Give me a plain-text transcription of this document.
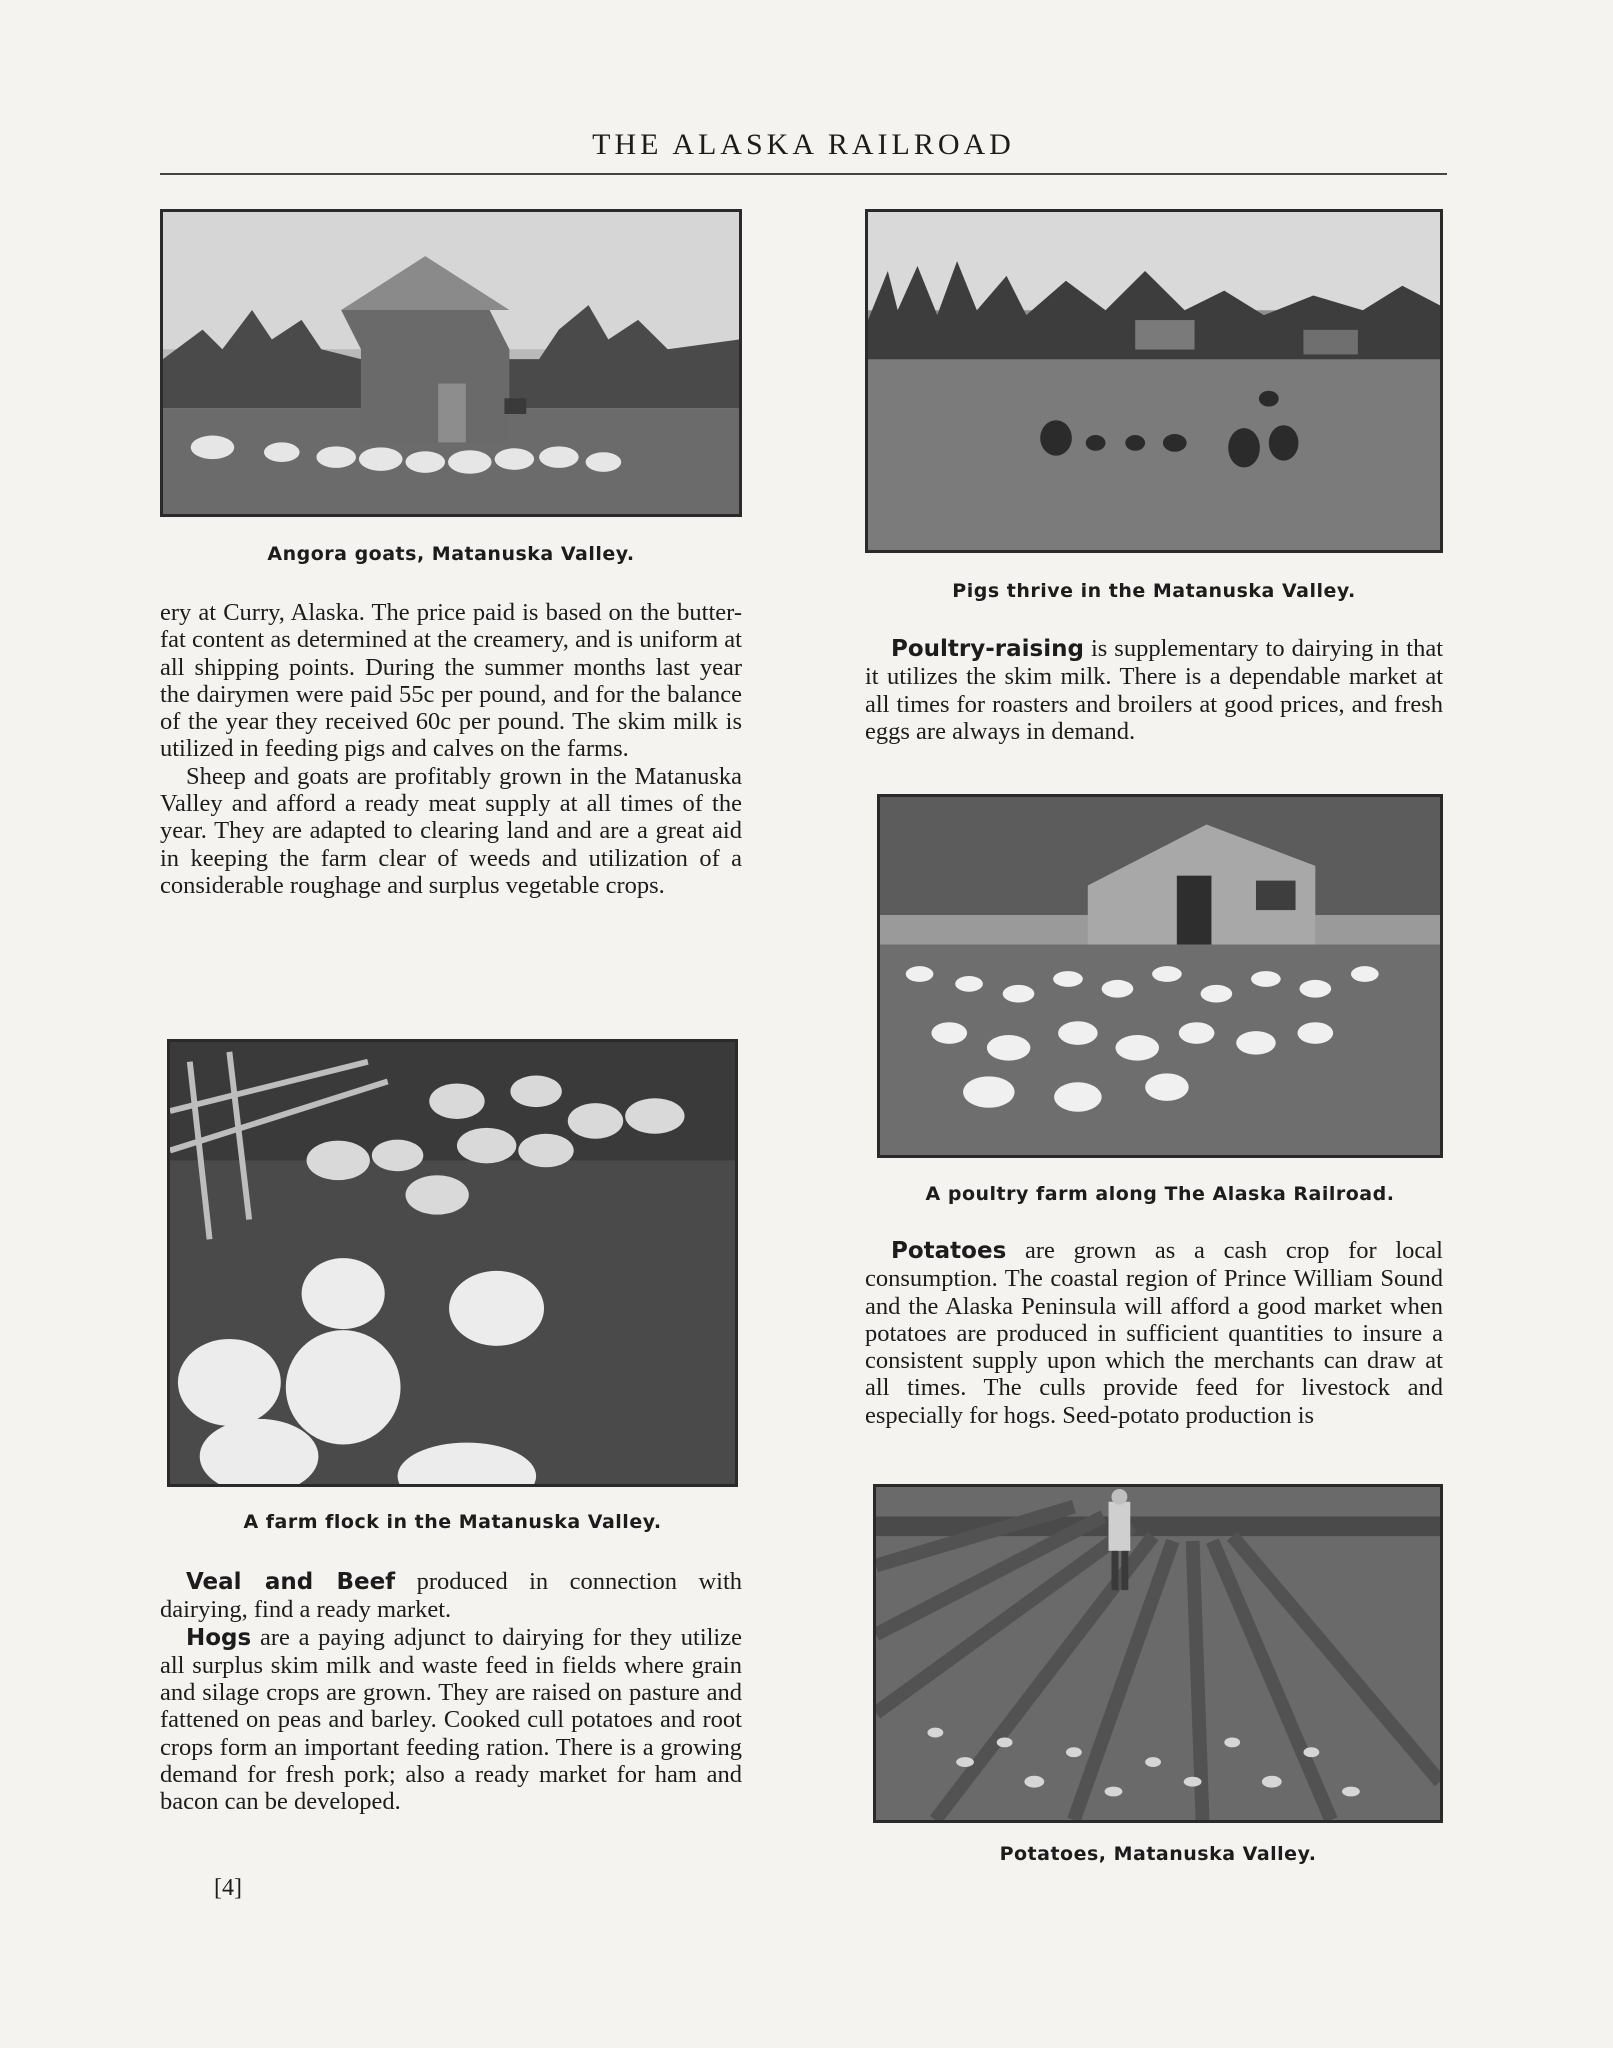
THE ALASKA RAILROAD
Angora goats, Matanuska Valley.
Pigs thrive in the Matanuska Valley.
A poultry farm along The Alaska Railroad.
A farm flock in the Matanuska Valley.
Potatoes, Matanuska Valley.

ery at Curry, Alaska. The price paid is based on the butter-fat content as determined at the creamery, and is uniform at all shipping points. During the summer months last year the dairymen were paid 55c per pound, and for the balance of the year they received 60c per pound. The skim milk is utilized in feeding pigs and calves on the farms.

Sheep and goats are profitably grown in the Matanuska Valley and afford a ready meat supply at all times of the year. They are adapted to clearing land and are a great aid in keeping the farm clear of weeds and utilization of a considerable roughage and surplus vegetable crops.

Veal and Beef produced in connection with dairying, find a ready market.

Hogs are a paying adjunct to dairying for they utilize all surplus skim milk and waste feed in fields where grain and silage crops are grown. They are raised on pasture and fattened on peas and barley. Cooked cull potatoes and root crops form an important feeding ration. There is a growing demand for fresh pork; also a ready market for ham and bacon can be developed.

Poultry-raising is supplementary to dairying in that it utilizes the skim milk. There is a dependable market at all times for roasters and broilers at good prices, and fresh eggs are always in demand.

Potatoes are grown as a cash crop for local consumption. The coastal region of Prince William Sound and the Alaska Peninsula will afford a good market when potatoes are produced in sufficient quantities to insure a consistent supply upon which the merchants can draw at all times. The culls provide feed for livestock and especially for hogs. Seed-potato production is

[4]
